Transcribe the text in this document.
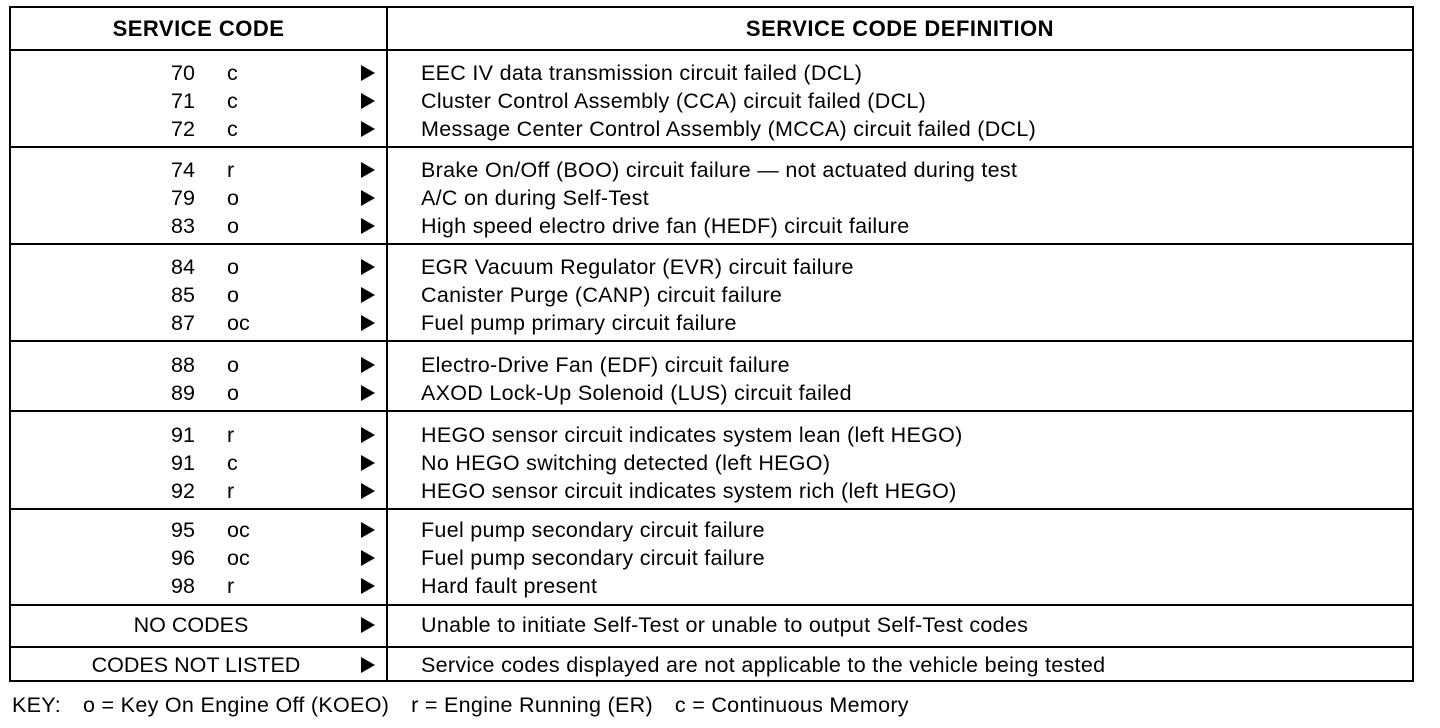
SERVICE CODE	SERVICE CODE DEFINITION
70 c	EEC IV data transmission circuit failed (DCL)
71 c	Cluster Control Assembly (CCA) circuit failed (DCL)
72 c	Message Center Control Assembly (MCCA) circuit failed (DCL)
74 r	Brake On/Off (BOO) circuit failure — not actuated during test
79 o	A/C on during Self-Test
83 o	High speed electro drive fan (HEDF) circuit failure
84 o	EGR Vacuum Regulator (EVR) circuit failure
85 o	Canister Purge (CANP) circuit failure
87 oc	Fuel pump primary circuit failure
88 o	Electro-Drive Fan (EDF) circuit failure
89 o	AXOD Lock-Up Solenoid (LUS) circuit failed
91 r	HEGO sensor circuit indicates system lean (left HEGO)
91 c	No HEGO switching detected (left HEGO)
92 r	HEGO sensor circuit indicates system rich (left HEGO)
95 oc	Fuel pump secondary circuit failure
96 oc	Fuel pump secondary circuit failure
98 r	Hard fault present
NO CODES	Unable to initiate Self-Test or unable to output Self-Test codes
CODES NOT LISTED	Service codes displayed are not applicable to the vehicle being tested
KEY: o = Key On Engine Off (KOEO) r = Engine Running (ER) c = Continuous Memory
